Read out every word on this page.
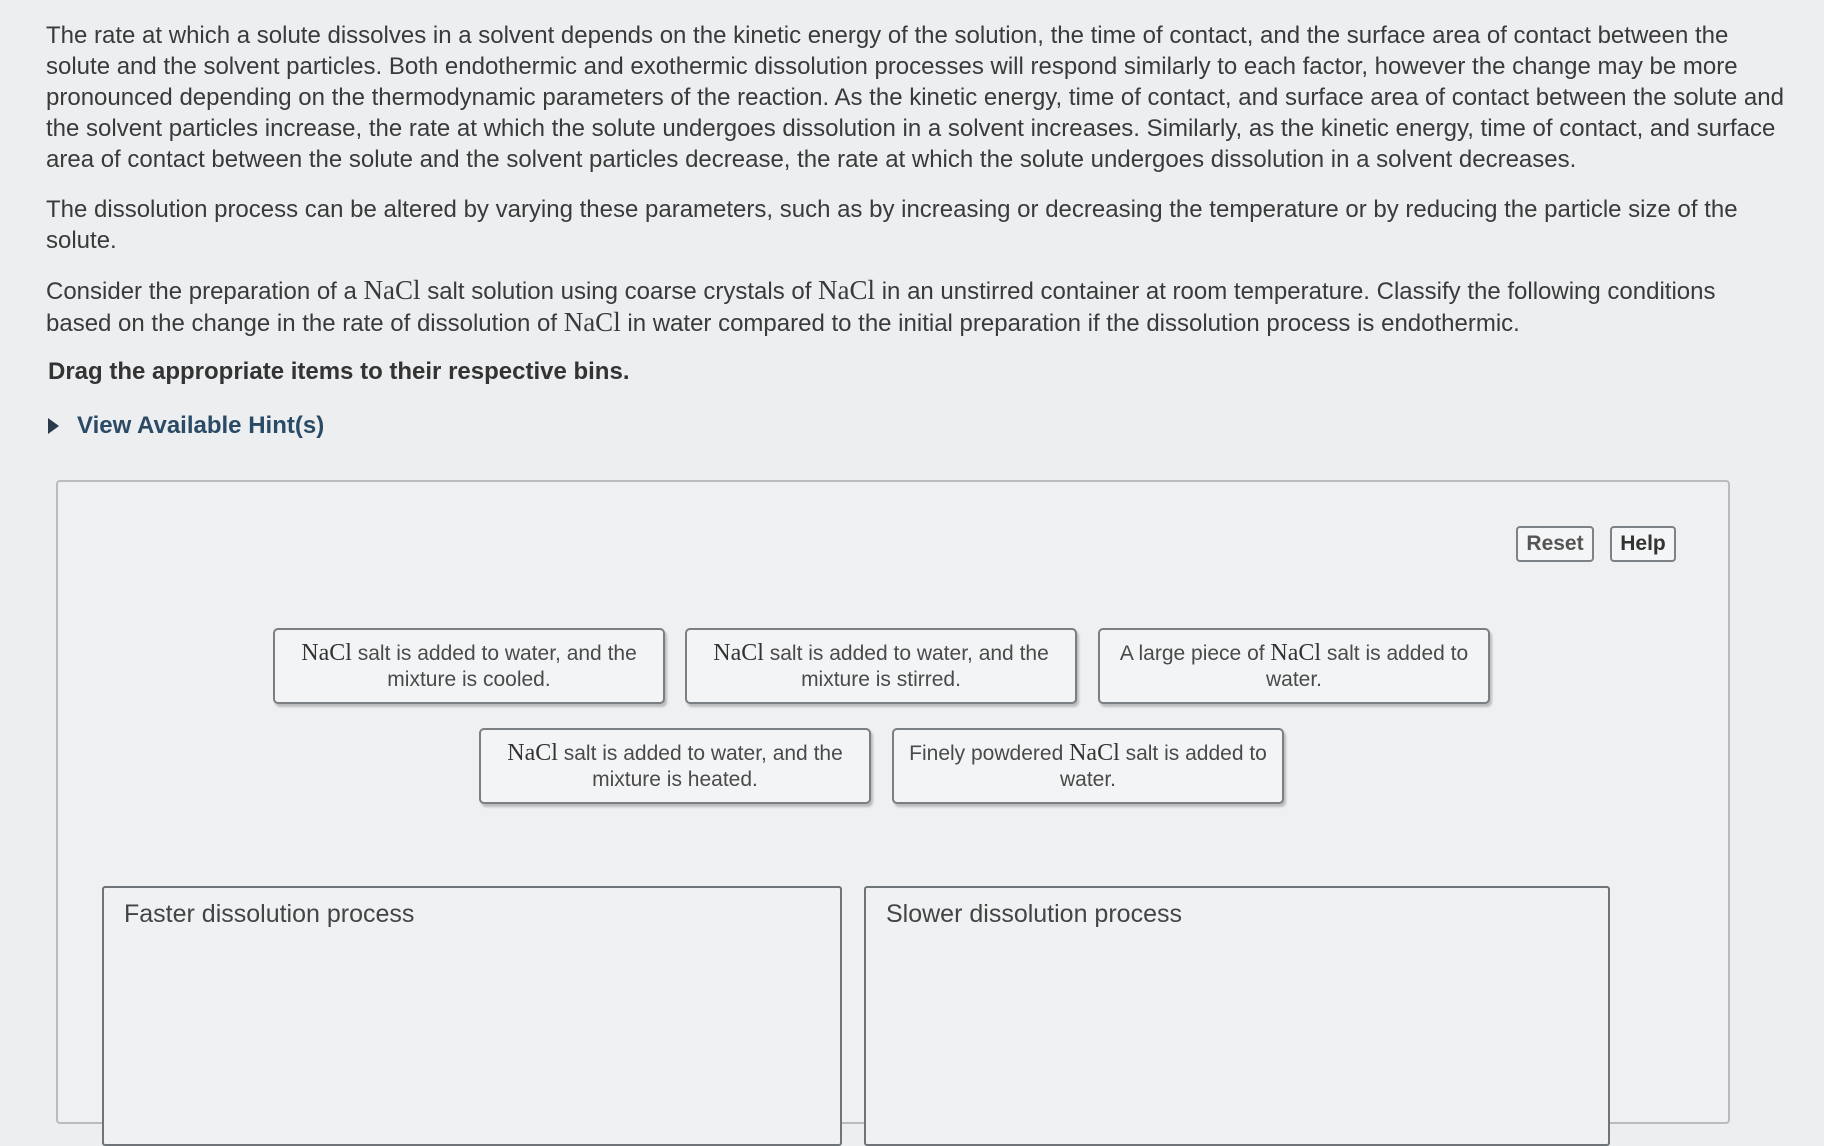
The rate at which a solute dissolves in a solvent depends on the kinetic energy of the solution, the time of contact, and the surface area of contact between the solute and the solvent particles. Both endothermic and exothermic dissolution processes will respond similarly to each factor, however the change may be more pronounced depending on the thermodynamic parameters of the reaction. As the kinetic energy, time of contact, and surface area of contact between the solute and the solvent particles increase, the rate at which the solute undergoes dissolution in a solvent increases. Similarly, as the kinetic energy, time of contact, and surface area of contact between the solute and the solvent particles decrease, the rate at which the solute undergoes dissolution in a solvent decreases.

The dissolution process can be altered by varying these parameters, such as by increasing or decreasing the temperature or by reducing the particle size of the solute.

Consider the preparation of a NaCl salt solution using coarse crystals of NaCl in an unstirred container at room temperature. Classify the following conditions based on the change in the rate of dissolution of NaCl in water compared to the initial preparation if the dissolution process is endothermic.

Drag the appropriate items to their respective bins.
View Available Hint(s)
Reset	Help
NaCl salt is added to water, and the mixture is cooled.
NaCl salt is added to water, and the mixture is stirred.
A large piece of NaCl salt is added to water.
NaCl salt is added to water, and the mixture is heated.
Finely powdered NaCl salt is added to water.
Faster dissolution process	Slower dissolution process
